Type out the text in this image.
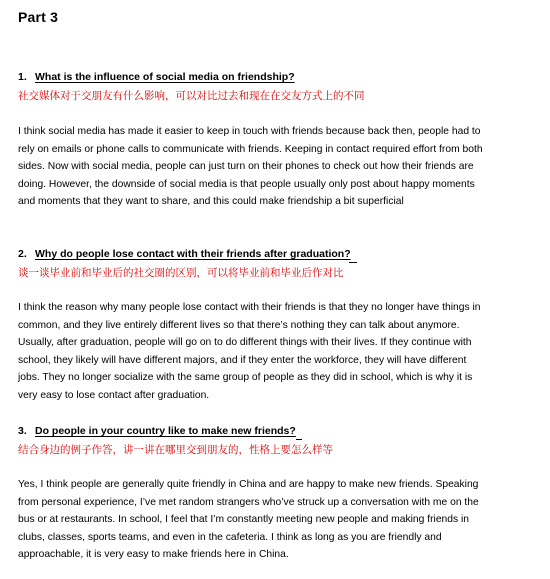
Part 3
1. What is the influence of social media on friendship?
社交媒体对于交朋友有什么影响，可以对比过去和现在在交友方式上的不同

I think social media has made it easier to keep in touch with friends because back then, people had to rely on emails or phone calls to communicate with friends. Keeping in contact required effort from both sides. Now with social media, people can just turn on their phones to check out how their friends are doing. However, the downside of social media is that people usually only post about happy moments and moments that they want to share, and this could make friendship a bit superficial

2. Why do people lose contact with their friends after graduation?
谈一谈毕业前和毕业后的社交圈的区别，可以将毕业前和毕业后作对比

I think the reason why many people lose contact with their friends is that they no longer have things in common, and they live entirely different lives so that there’s nothing they can talk about anymore. Usually, after graduation, people will go on to do different things with their lives. If they continue with school, they likely will have different majors, and if they enter the workforce, they will have different jobs. They no longer socialize with the same group of people as they did in school, which is why it is very easy to lose contact after graduation.

3. Do people in your country like to make new friends?
结合身边的例子作答，讲一讲在哪里交到朋友的，性格上要怎么样等

Yes, I think people are generally quite friendly in China and are happy to make new friends. Speaking from personal experience, I’ve met random strangers who’ve struck up a conversation with me on the bus or at restaurants. In school, I feel that I’m constantly meeting new people and making friends in clubs, classes, sports teams, and even in the cafeteria. I think as long as you are friendly and approachable, it is very easy to make friends here in China.
